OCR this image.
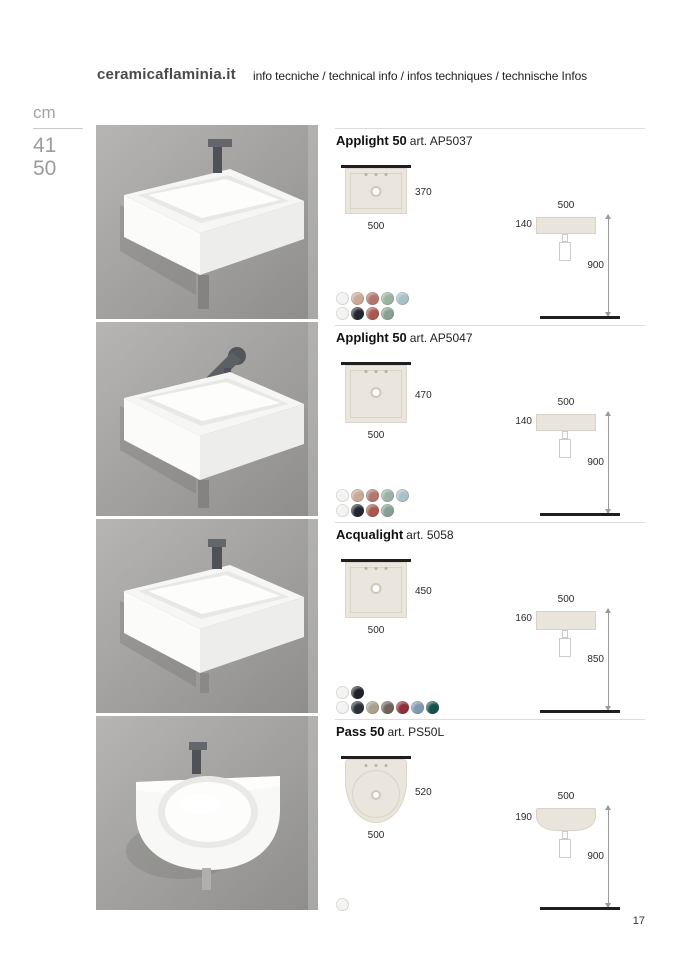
ceramicaflaminia.it info tecniche / technical info / infos techniques / technische Infos
cm
41
50
Applight 50 art. AP5037
370
500
500
140
900
Applight 50 art. AP5047
470
500
500
140
900
Acqualight art. 5058
450
500
500
160
850
Pass 50 art. PS50L
520
500
500
190
900
17
